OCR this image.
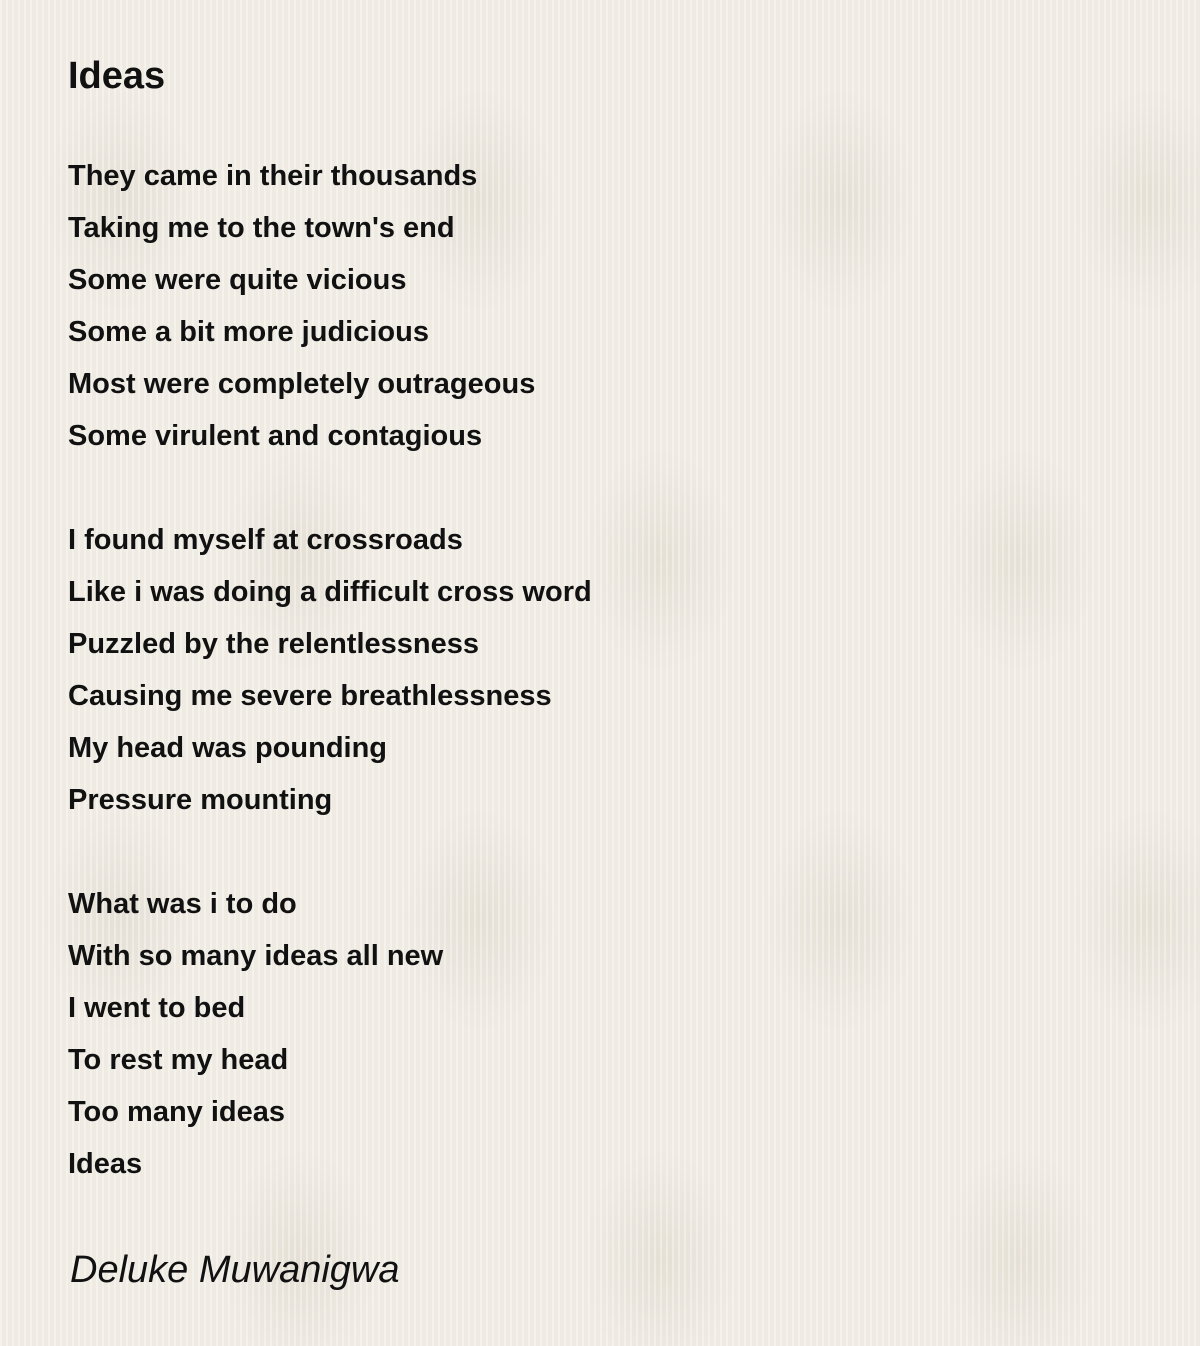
Ideas
They came in their thousands
Taking me to the town's end
Some were quite vicious
Some a bit more judicious
Most were completely outrageous
Some virulent and contagious
I found myself at crossroads
Like i was doing a difficult cross word
Puzzled by the relentlessness
Causing me severe breathlessness
My head was pounding
Pressure mounting
What was i to do
With so many ideas all new
I went to bed
To rest my head
Too many ideas
Ideas
Deluke Muwanigwa
